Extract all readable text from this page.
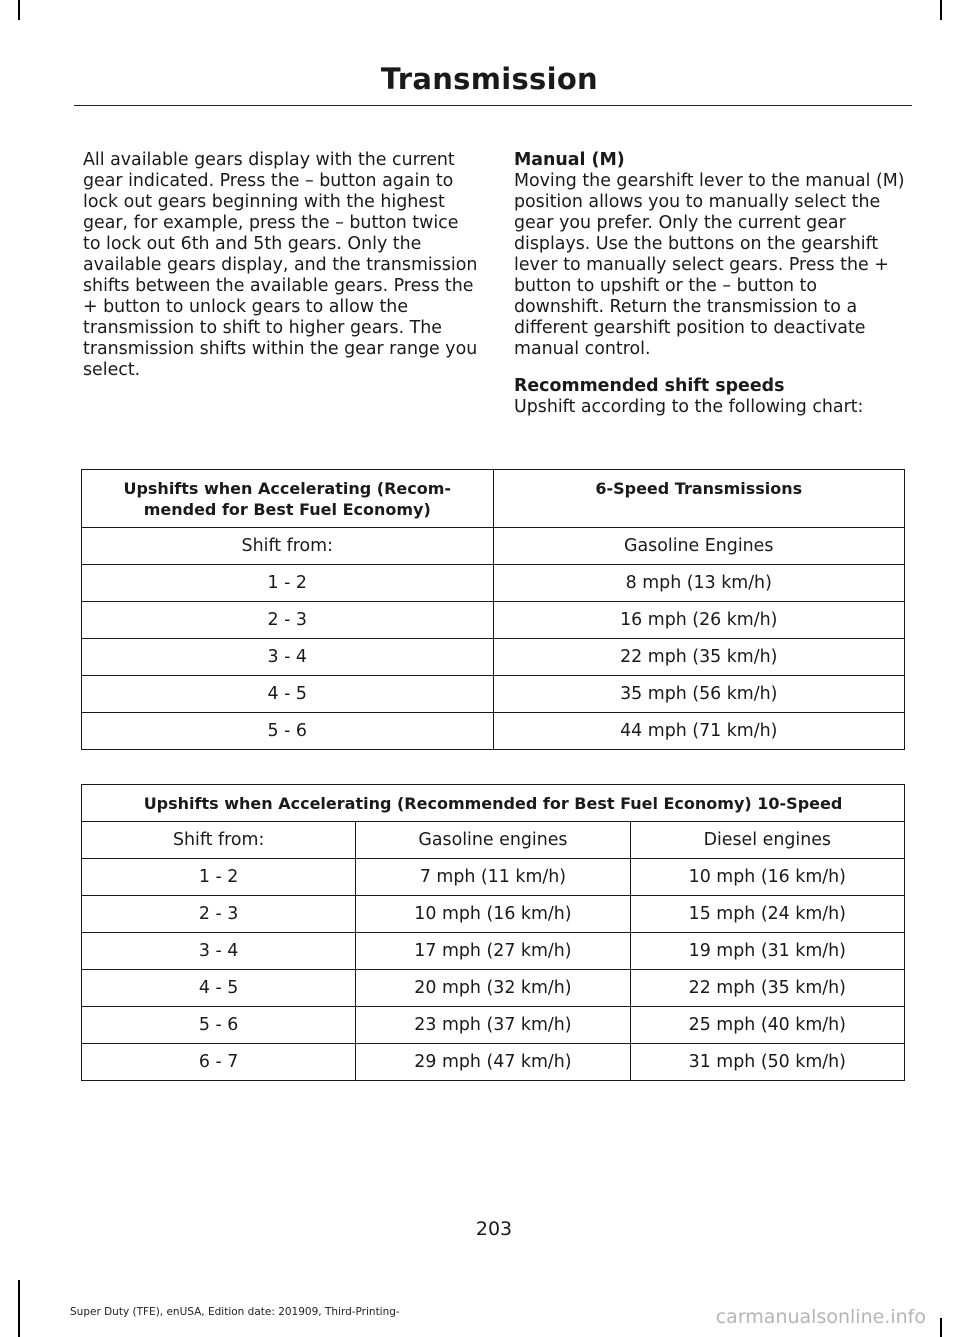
Transmission

All available gears display with the current gear indicated. Press the – button again to lock out gears beginning with the highest gear, for example, press the – button twice to lock out 6th and 5th gears. Only the available gears display, and the transmission shifts between the available gears. Press the + button to unlock gears to allow the transmission to shift to higher gears. The transmission shifts within the gear range you select.

Manual (M)

Moving the gearshift lever to the manual (M) position allows you to manually select the gear you prefer. Only the current gear displays. Use the buttons on the gearshift lever to manually select gears. Press the + button to upshift or the – button to downshift. Return the transmission to a different gearshift position to deactivate manual control.

Recommended shift speeds

Upshift according to the following chart:

Upshifts when Accelerating (Recom-mended for Best Fuel Economy)	6-Speed Transmissions
Shift from:	Gasoline Engines
1 - 2	8 mph (13 km/h)
2 - 3	16 mph (26 km/h)
3 - 4	22 mph (35 km/h)
4 - 5	35 mph (56 km/h)
5 - 6	44 mph (71 km/h)
Upshifts when Accelerating (Recommended for Best Fuel Economy) 10-Speed		
Shift from:	Gasoline engines	Diesel engines
1 - 2	7 mph (11 km/h)	10 mph (16 km/h)
2 - 3	10 mph (16 km/h)	15 mph (24 km/h)
3 - 4	17 mph (27 km/h)	19 mph (31 km/h)
4 - 5	20 mph (32 km/h)	22 mph (35 km/h)
5 - 6	23 mph (37 km/h)	25 mph (40 km/h)
6 - 7	29 mph (47 km/h)	31 mph (50 km/h)
203
Super Duty (TFE), enUSA, Edition date: 201909, Third-Printing-	carmanualsonline.info
